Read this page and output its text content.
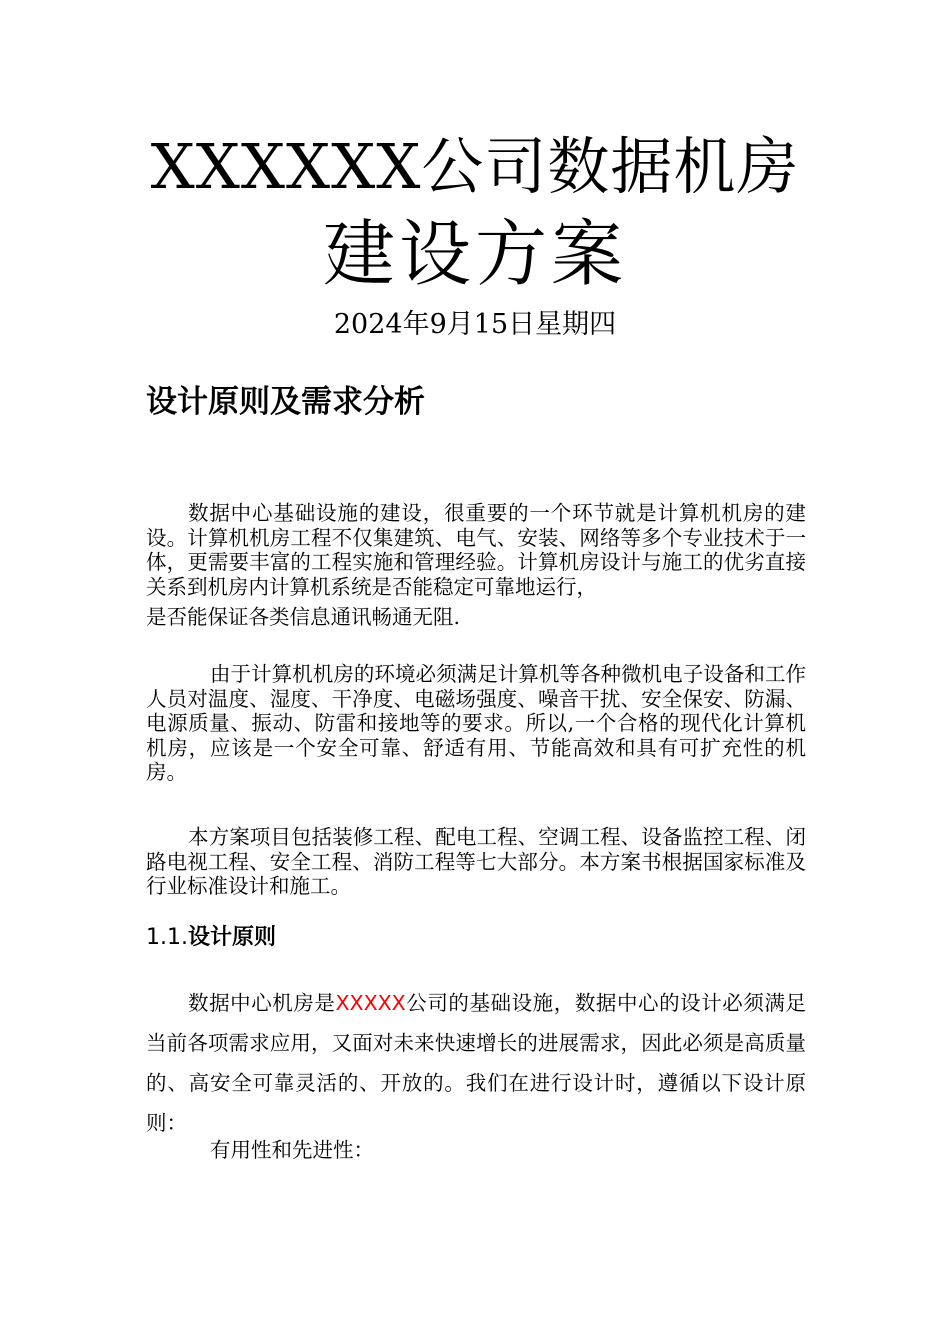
XXXXXX公司数据机房
建设方案
2024年9月15日星期四
设计原则及需求分析

数据中心基础设施的建设，很重要的一个环节就是计算机机房的建设。计算机机房工程不仅集建筑、电气、安装、网络等多个专业技术于一体，更需要丰富的工程实施和管理经验。计算机房设计与施工的优劣直接关系到机房内计算机系统是否能稳定可靠地运行，
是否能保证各类信息通讯畅通无阻.

由于计算机机房的环境必须满足计算机等各种微机电子设备和工作人员对温度、湿度、干净度、电磁场强度、噪音干扰、安全保安、防漏、电源质量、振动、防雷和接地等的要求。所以,一个合格的现代化计算机机房，应该是一个安全可靠、舒适有用、节能高效和具有可扩充性的机房。

本方案项目包括装修工程、配电工程、空调工程、设备监控工程、闭路电视工程、安全工程、消防工程等七大部分。本方案书根据国家标准及行业标准设计和施工。

1.1.设计原则

数据中心机房是XXXXX公司的基础设施，数据中心的设计必须满足当前各项需求应用，又面对未来快速增长的进展需求，因此必须是高质量的、高安全可靠灵活的、开放的。我们在进行设计时，遵循以下设计原则：

有用性和先进性：
